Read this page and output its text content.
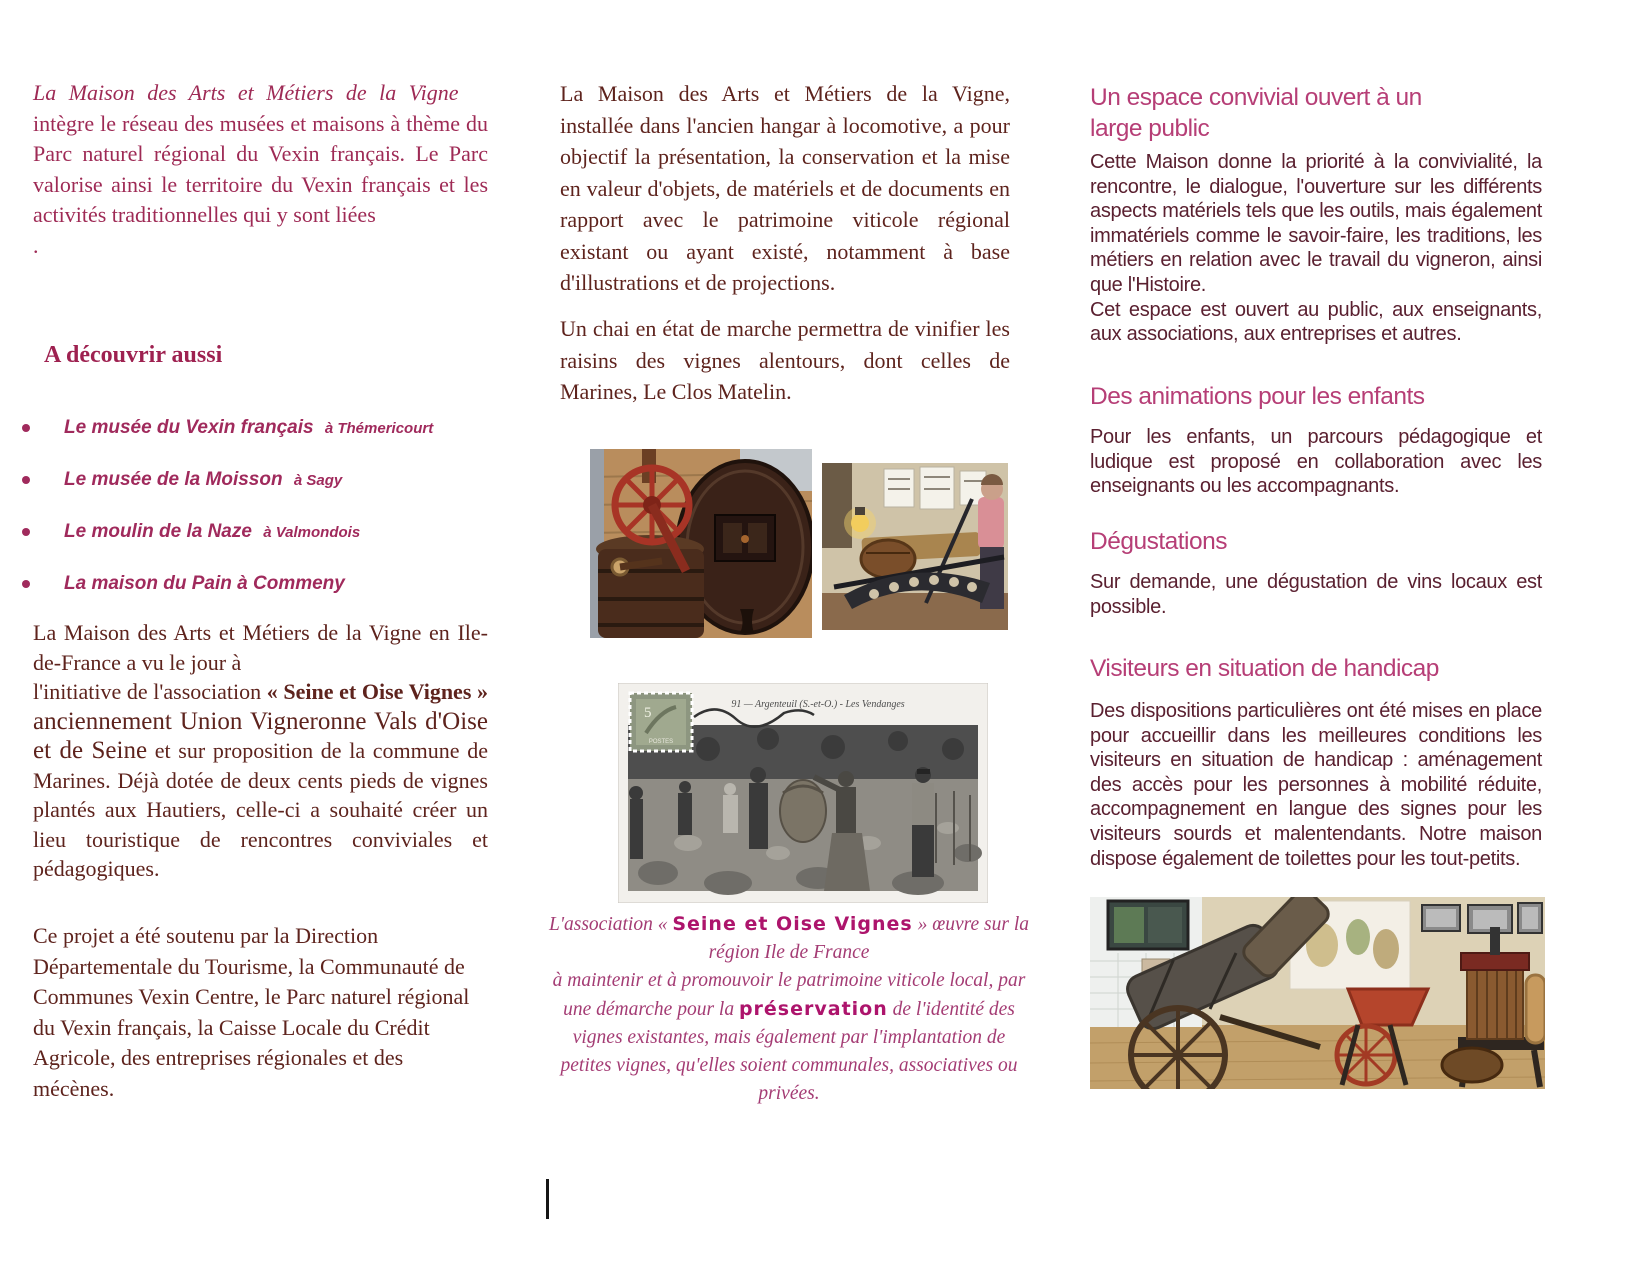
La Maison des Arts et Métiers de la Vigne
intègre le réseau des musées et maisons à thème du Parc naturel régional du Vexin français. Le Parc valorise ainsi le territoire du Vexin français et les activités traditionnelles qui y sont liées
.

A découvrir aussi
Le musée du Vexin français à Thémericourt
Le musée de la Moisson à Sagy
Le moulin de la Naze à Valmondois
La maison du Pain à Commeny

La Maison des Arts et Métiers de la Vigne en Ile-de-France a vu le jour à
l'initiative de l'association « Seine et Oise Vignes » anciennement Union Vigneronne Vals d'Oise et de Seine et sur proposition de la commune de Marines. Déjà dotée de deux cents pieds de vignes plantés aux Hautiers, celle-ci a souhaité créer un lieu touristique de rencontres conviviales et pédagogiques.

Ce projet a été soutenu par la Direction Départementale du Tourisme, la Communauté de Communes Vexin Centre, le Parc naturel régional du Vexin français, la Caisse Locale du Crédit Agricole, des entreprises régionales et des mécènes.

La Maison des Arts et Métiers de la Vigne, installée dans l'ancien hangar à locomotive, a pour objectif la présentation, la conservation et la mise en valeur d'objets, de matériels et de documents en rapport avec le patrimoine viticole régional existant ou ayant existé, notamment à base d'illustrations et de projections.

Un chai en état de marche permettra de vinifier les raisins des vignes alentours, dont celles de Marines, Le Clos Matelin.

91 — Argenteuil (S.-et-O.) - Les Vendanges
5
POSTES

L'association « Seine et Oise Vignes » œuvre sur la région Ile de France
à maintenir et à promouvoir le patrimoine viticole local, par une démarche pour la préservation de l'identité des vignes existantes, mais également par l'implantation de petites vignes, qu'elles soient communales, associatives ou privées.

Un espace convivial ouvert à un
large public

Cette Maison donne la priorité à la convivialité, la rencontre, le dialogue, l'ouverture sur les différents aspects matériels tels que les outils, mais également immatériels comme le savoir-faire, les traditions, les métiers en relation avec le travail du vigneron, ainsi que l'Histoire.
Cet espace est ouvert au public, aux enseignants, aux associations, aux entreprises et autres.

Des animations pour les enfants

Pour les enfants, un parcours pédagogique et ludique est proposé en collaboration avec les enseignants ou les accompagnants.

Dégustations

Sur demande, une dégustation de vins locaux est possible.

Visiteurs en situation de handicap

Des dispositions particulières ont été mises en place pour accueillir dans les meilleures conditions les visiteurs en situation de handicap : aménagement des accès pour les personnes à mobilité réduite, accompagnement en langue des signes pour les visiteurs sourds et malentendants. Notre maison dispose également de toilettes pour les tout-petits.
